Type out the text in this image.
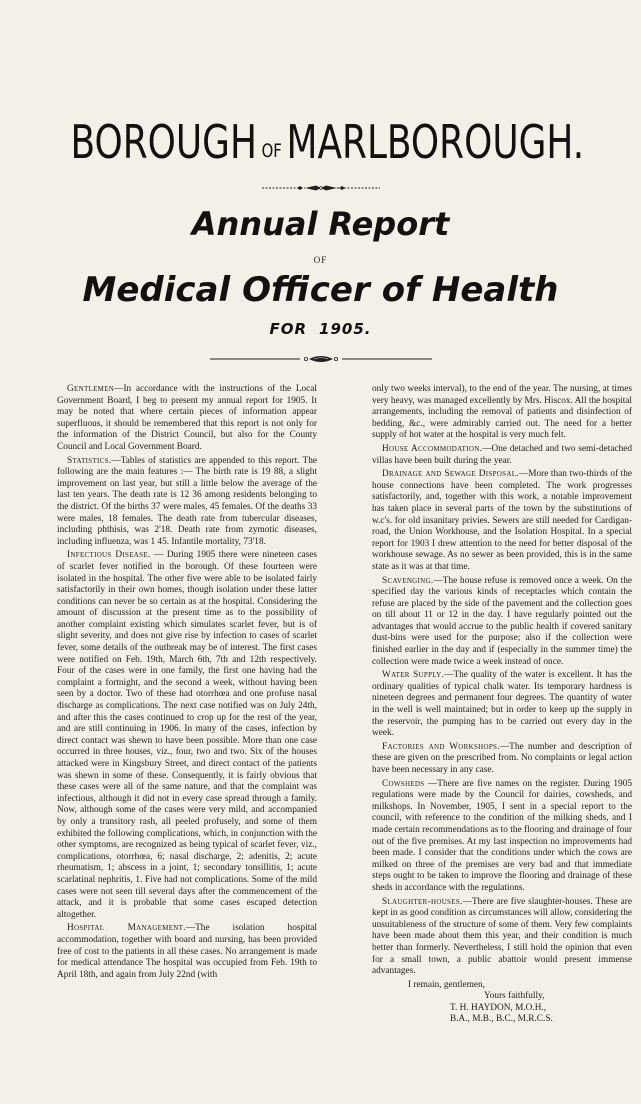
BOROUGH OF MARLBOROUGH.
Annual Report
OF
Medical Officer of Health
FOR 1905.

Gentlemen—In accordance with the instructions of the Local Government Board, I beg to present my annual report for 1905. It may be noted that where certain pieces of information appear superfluous, it should be remembered that this report is not only for the information of the District Council, but also for the County Council and Local Government Board.

Statistics.—Tables of statistics are appended to this report. The following are the main features :— The birth rate is 19 88, a slight improvement on last year, but still a little below the average of the last ten years. The death rate is 12 36 among residents belonging to the district. Of the births 37 were males, 45 females. Of the deaths 33 were males, 18 females. The death rate from tubercular diseases, including phthisis, was 2'18. Death rate from zymotic diseases, including influenza, was 1 45. Infantile mortality, 73'18.

Infectious Disease. — During 1905 there were nineteen cases of scarlet fever notified in the borough. Of these fourteen were isolated in the hospital. The other five were able to be isolated fairly satisfactorily in their own homes, though isolation under these latter conditions can never be so certain as at the hospital. Considering the amount of discussion at the present time as to the possibility of another complaint existing which simulates scarlet fever, but is of slight severity, and does not give rise by infection to cases of scarlet fever, some details of the outbreak may be of interest. The first cases were notified on Feb. 19th, March 6th, 7th and 12th respectively. Four of the cases were in one family, the first one having had the complaint a fortnight, and the second a week, without having been seen by a doctor. Two of these had otorrhœa and one profuse nasal discharge as complications. The next case notified was on July 24th, and after this the cases continued to crop up for the rest of the year, and are still continuing in 1906. In many of the cases, infection by direct contact was shewn to have been possible. More than one case occurred in three houses, viz., four, two and two. Six of the houses attacked were in Kingsbury Street, and direct contact of the patients was shewn in some of these. Consequently, it is fairly obvious that these cases were all of the same nature, and that the complaint was infectious, although it did not in every case spread through a family. Now, although some of the cases were very mild, and accompanied by only a transitory rash, all peeled profusely, and some of them exhibited the following complications, which, in conjunction with the other symptoms, are recognized as being typical of scarlet fever, viz., complications, otorrhœa, 6; nasal discharge, 2; adenitis, 2; acute rheumatism, 1; abscess in a joint, 1; secondary tonsillitis, 1; acute scarlatinal nephritis, 1. Five had not complications. Some of the mild cases were not seen till several days after the commencement of the attack, and it is probable that some cases escaped detection altogether.

Hospital Management.—The isolation hospital accommodation, together with board and nursing, has been provided free of cost to the patients in all these cases. No arrangement is made for medical attendance The hospital was occupied from Feb. 19th to April 18th, and again from July 22nd (with

only two weeks interval), to the end of the year. The nursing, at times very heavy, was managed excellently by Mrs. Hiscox. All the hospital arrangements, including the removal of patients and disinfection of bedding, &c., were admirably carried out. The need for a better supply of hot water at the hospital is very much felt.

House Accommodation.—One detached and two semi-detached villas have been built during the year.

Drainage and Sewage Disposal.—More than two-thirds of the house connections have been completed. The work progresses satisfactorily, and, together with this work, a notable improvement has taken place in several parts of the town by the substitutions of w.c's. for old insanitary privies. Sewers are still needed for Cardigan-road, the Union Workhouse, and the Isolation Hospital. In a special report for 1903 I drew attention to the need for better disposal of the workhouse sewage. As no sewer as been provided, this is in the same state as it was at that time.

Scavenging.—The house refuse is removed once a week. On the specified day the various kinds of receptacles which contain the refuse are placed by the side of the pavement and the collection goes on till about 11 or 12 in the day. I have regularly pointed out the advantages that would accrue to the public health if covered sanitary dust-bins were used for the purpose; also if the collection were finished earlier in the day and if (especially in the summer time) the collection were made twice a week instead of once.

Water Supply.—The quality of the water is excellent. It has the ordinary qualities of typical chalk water. Its temporary hardness is nineteen degrees and permanent four degrees. The quantity of water in the well is well maintained; but in order to keep up the supply in the reservoir, the pumping has to be carried out every day in the week.

Factories and Workshops.—The number and description of these are given on the prescribed from. No complaints or legal action have been necessary in any case.

Cowsheds —There are five names on the register. During 1905 regulations were made by the Council for dairies, cowsheds, and milkshops. In November, 1905, I sent in a special report to the council, with reference to the condition of the milking sheds, and I made certain recommendations as to the flooring and drainage of four out of the five premises. At my last inspection no improvements had been made. I consider that the conditions under which the cows are milked on three of the premises are very bad and that immediate steps ought to be taken to improve the flooring and drainage of these sheds in accordance with the regulations.

Slaughter-houses.—There are five slaughter-houses. These are kept in as good condition as circumstances will allow, considering the unsuitableness of the structure of some of them. Very few complaints have been made about them this year, and their condition is much better than formerly. Nevertheless, I still hold the opinion that even for a small town, a public abattoir would present immense advantages.

I remain, gentlemen,
Yours faithfully,
T. H. HAYDON, M.O.H.,
B.A., M.B., B.C., M.R.C.S.
